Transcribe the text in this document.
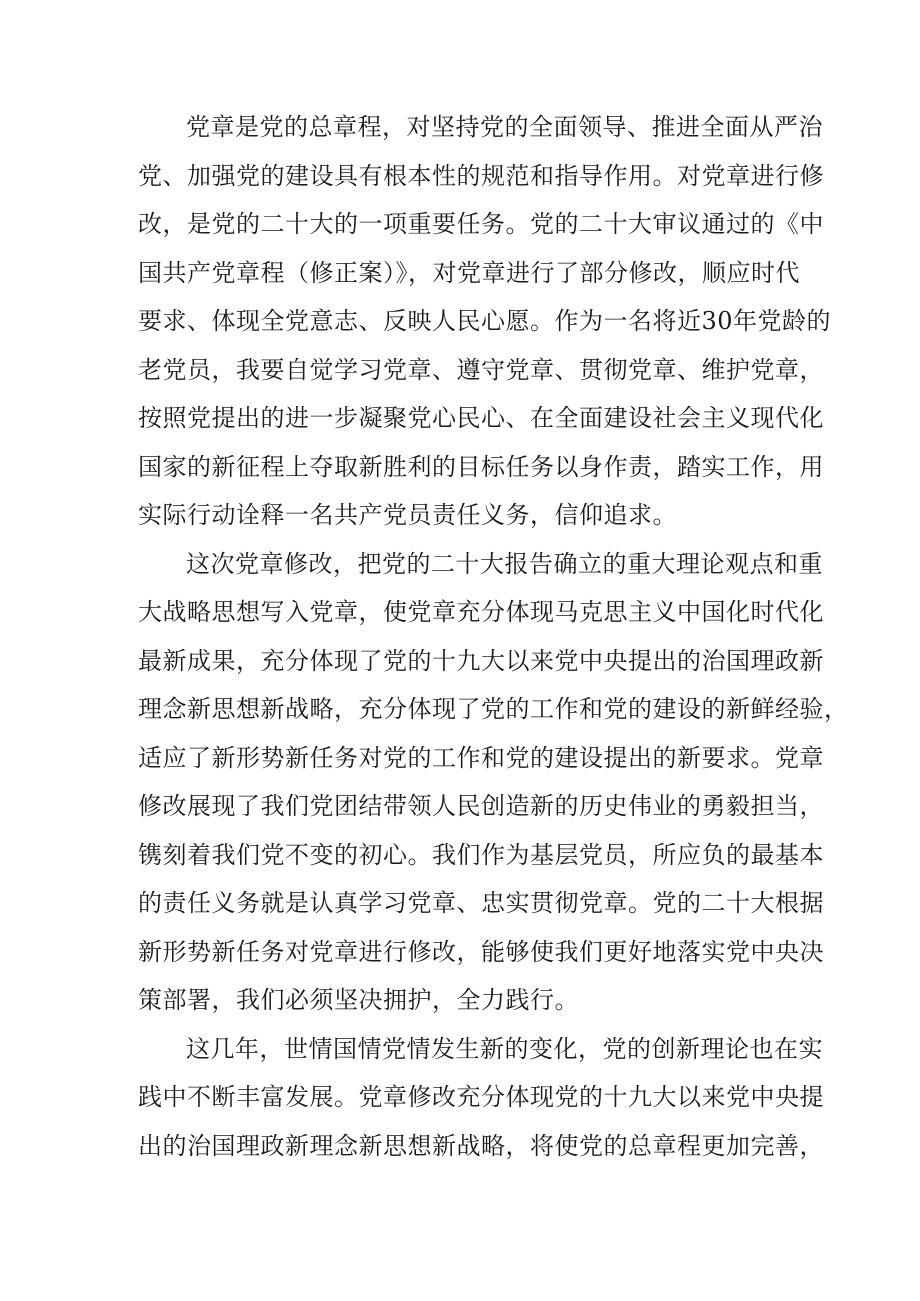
党章是党的总章程，对坚持党的全面领导、推进全面从严治
党、加强党的建设具有根本性的规范和指导作用。对党章进行修
改，是党的二十大的一项重要任务。党的二十大审议通过的《中
国共产党章程（修正案）》，对党章进行了部分修改，顺应时代
要求、体现全党意志、反映人民心愿。作为一名将近30年党龄的
老党员，我要自觉学习党章、遵守党章、贯彻党章、维护党章，
按照党提出的进一步凝聚党心民心、在全面建设社会主义现代化
国家的新征程上夺取新胜利的目标任务以身作责，踏实工作，用
实际行动诠释一名共产党员责任义务，信仰追求。
这次党章修改，把党的二十大报告确立的重大理论观点和重
大战略思想写入党章，使党章充分体现马克思主义中国化时代化
最新成果，充分体现了党的十九大以来党中央提出的治国理政新
理念新思想新战略，充分体现了党的工作和党的建设的新鲜经验，
适应了新形势新任务对党的工作和党的建设提出的新要求。党章
修改展现了我们党团结带领人民创造新的历史伟业的勇毅担当，
镌刻着我们党不变的初心。我们作为基层党员，所应负的最基本
的责任义务就是认真学习党章、忠实贯彻党章。党的二十大根据
新形势新任务对党章进行修改，能够使我们更好地落实党中央决
策部署，我们必须坚决拥护，全力践行。
这几年，世情国情党情发生新的变化，党的创新理论也在实
践中不断丰富发展。党章修改充分体现党的十九大以来党中央提
出的治国理政新理念新思想新战略，将使党的总章程更加完善，
